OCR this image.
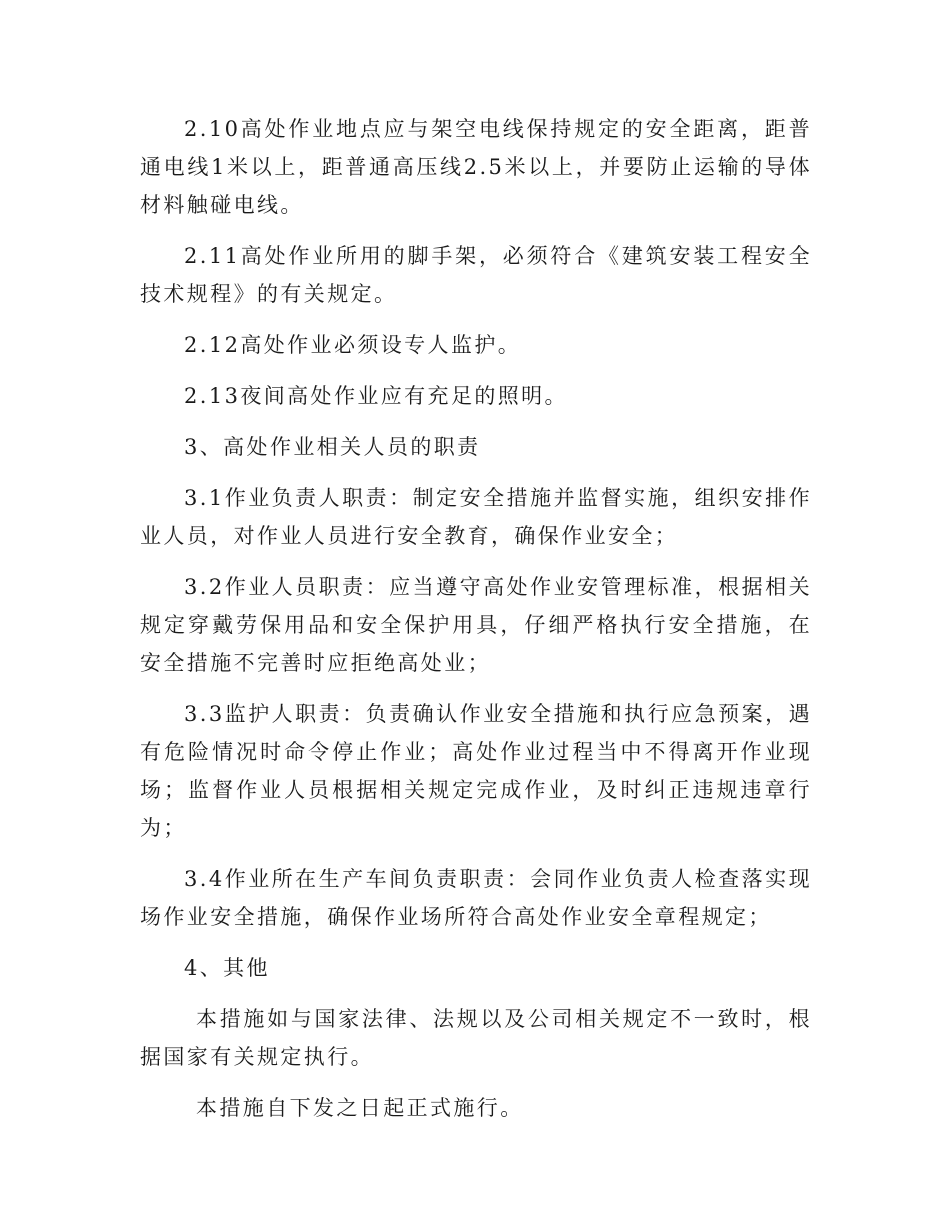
2.10高处作业地点应与架空电线保持规定的安全距离，距普通电线1米以上，距普通高压线2.5米以上，并要防止运输的导体材料触碰电线。

2.11高处作业所用的脚手架，必须符合《建筑安装工程安全技术规程》的有关规定。

2.12高处作业必须设专人监护。

2.13夜间高处作业应有充足的照明。

3、高处作业相关人员的职责

3.1作业负责人职责：制定安全措施并监督实施，组织安排作业人员，对作业人员进行安全教育，确保作业安全；

3.2作业人员职责：应当遵守高处作业安管理标准，根据相关规定穿戴劳保用品和安全保护用具，仔细严格执行安全措施，在安全措施不完善时应拒绝高处业；

3.3监护人职责：负责确认作业安全措施和执行应急预案，遇有危险情况时命令停止作业；高处作业过程当中不得离开作业现场；监督作业人员根据相关规定完成作业，及时纠正违规违章行为；

3.4作业所在生产车间负责职责：会同作业负责人检查落实现场作业安全措施，确保作业场所符合高处作业安全章程规定；

4、其他

本措施如与国家法律、法规以及公司相关规定不一致时，根据国家有关规定执行。

本措施自下发之日起正式施行。
